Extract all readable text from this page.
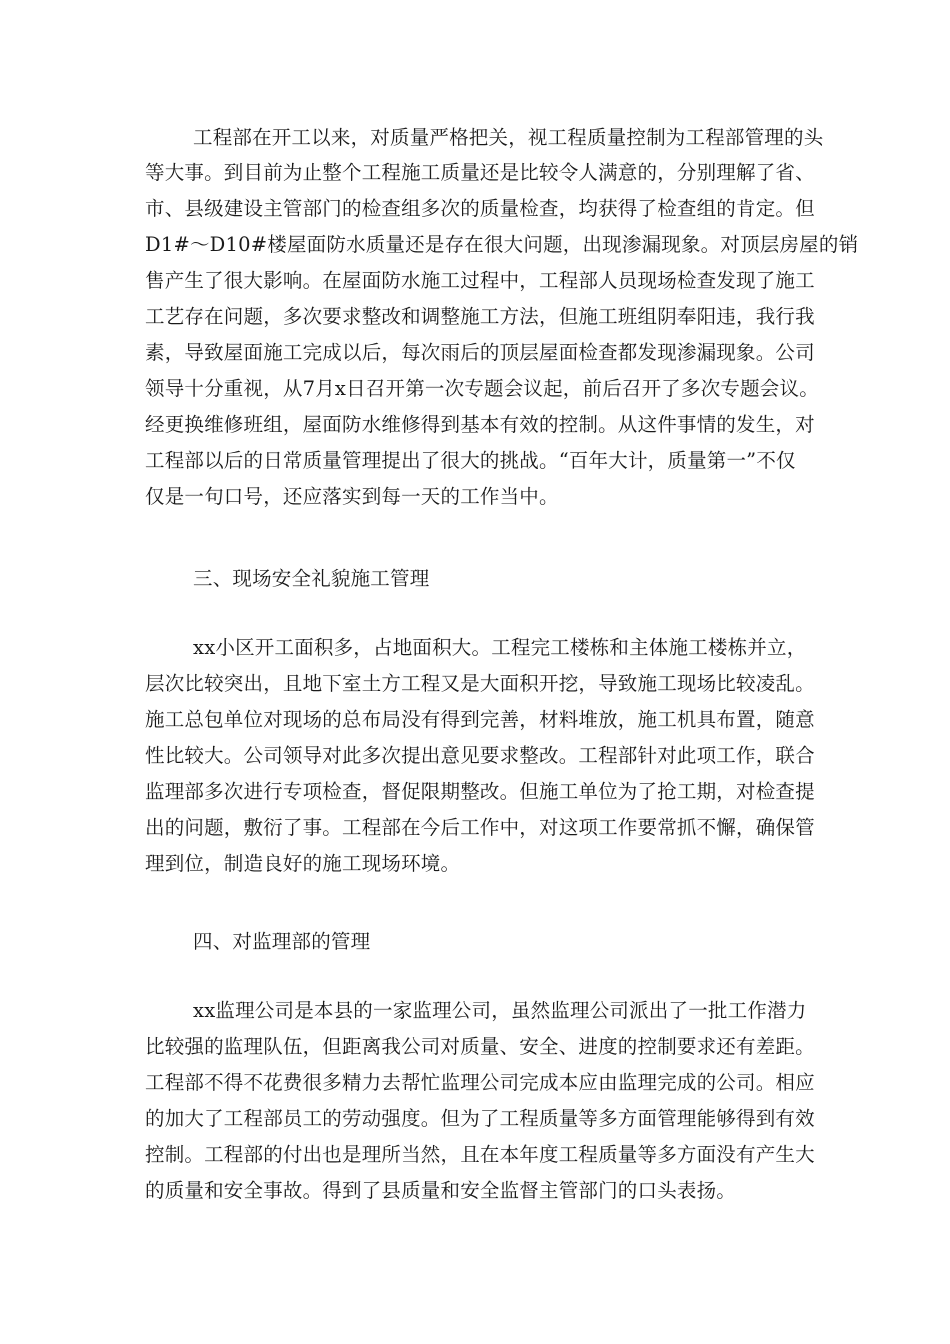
工程部在开工以来，对质量严格把关，视工程质量控制为工程部管理的头
等大事。到目前为止整个工程施工质量还是比较令人满意的，分别理解了省、
市、县级建设主管部门的检查组多次的质量检查，均获得了检查组的肯定。但
D1#～D10#楼屋面防水质量还是存在很大问题，出现渗漏现象。对顶层房屋的销
售产生了很大影响。在屋面防水施工过程中，工程部人员现场检查发现了施工
工艺存在问题，多次要求整改和调整施工方法，但施工班组阴奉阳违，我行我
素，导致屋面施工完成以后，每次雨后的顶层屋面检查都发现渗漏现象。公司
领导十分重视，从7月x日召开第一次专题会议起，前后召开了多次专题会议。
经更换维修班组，屋面防水维修得到基本有效的控制。从这件事情的发生，对
工程部以后的日常质量管理提出了很大的挑战。“百年大计，质量第一”不仅
仅是一句口号，还应落实到每一天的工作当中。
三、现场安全礼貌施工管理
xx小区开工面积多，占地面积大。工程完工楼栋和主体施工楼栋并立，
层次比较突出，且地下室土方工程又是大面积开挖，导致施工现场比较凌乱。
施工总包单位对现场的总布局没有得到完善，材料堆放，施工机具布置，随意
性比较大。公司领导对此多次提出意见要求整改。工程部针对此项工作，联合
监理部多次进行专项检查，督促限期整改。但施工单位为了抢工期，对检查提
出的问题，敷衍了事。工程部在今后工作中，对这项工作要常抓不懈，确保管
理到位，制造良好的施工现场环境。
四、对监理部的管理
xx监理公司是本县的一家监理公司，虽然监理公司派出了一批工作潜力
比较强的监理队伍，但距离我公司对质量、安全、进度的控制要求还有差距。
工程部不得不花费很多精力去帮忙监理公司完成本应由监理完成的公司。相应
的加大了工程部员工的劳动强度。但为了工程质量等多方面管理能够得到有效
控制。工程部的付出也是理所当然，且在本年度工程质量等多方面没有产生大
的质量和安全事故。得到了县质量和安全监督主管部门的口头表扬。
